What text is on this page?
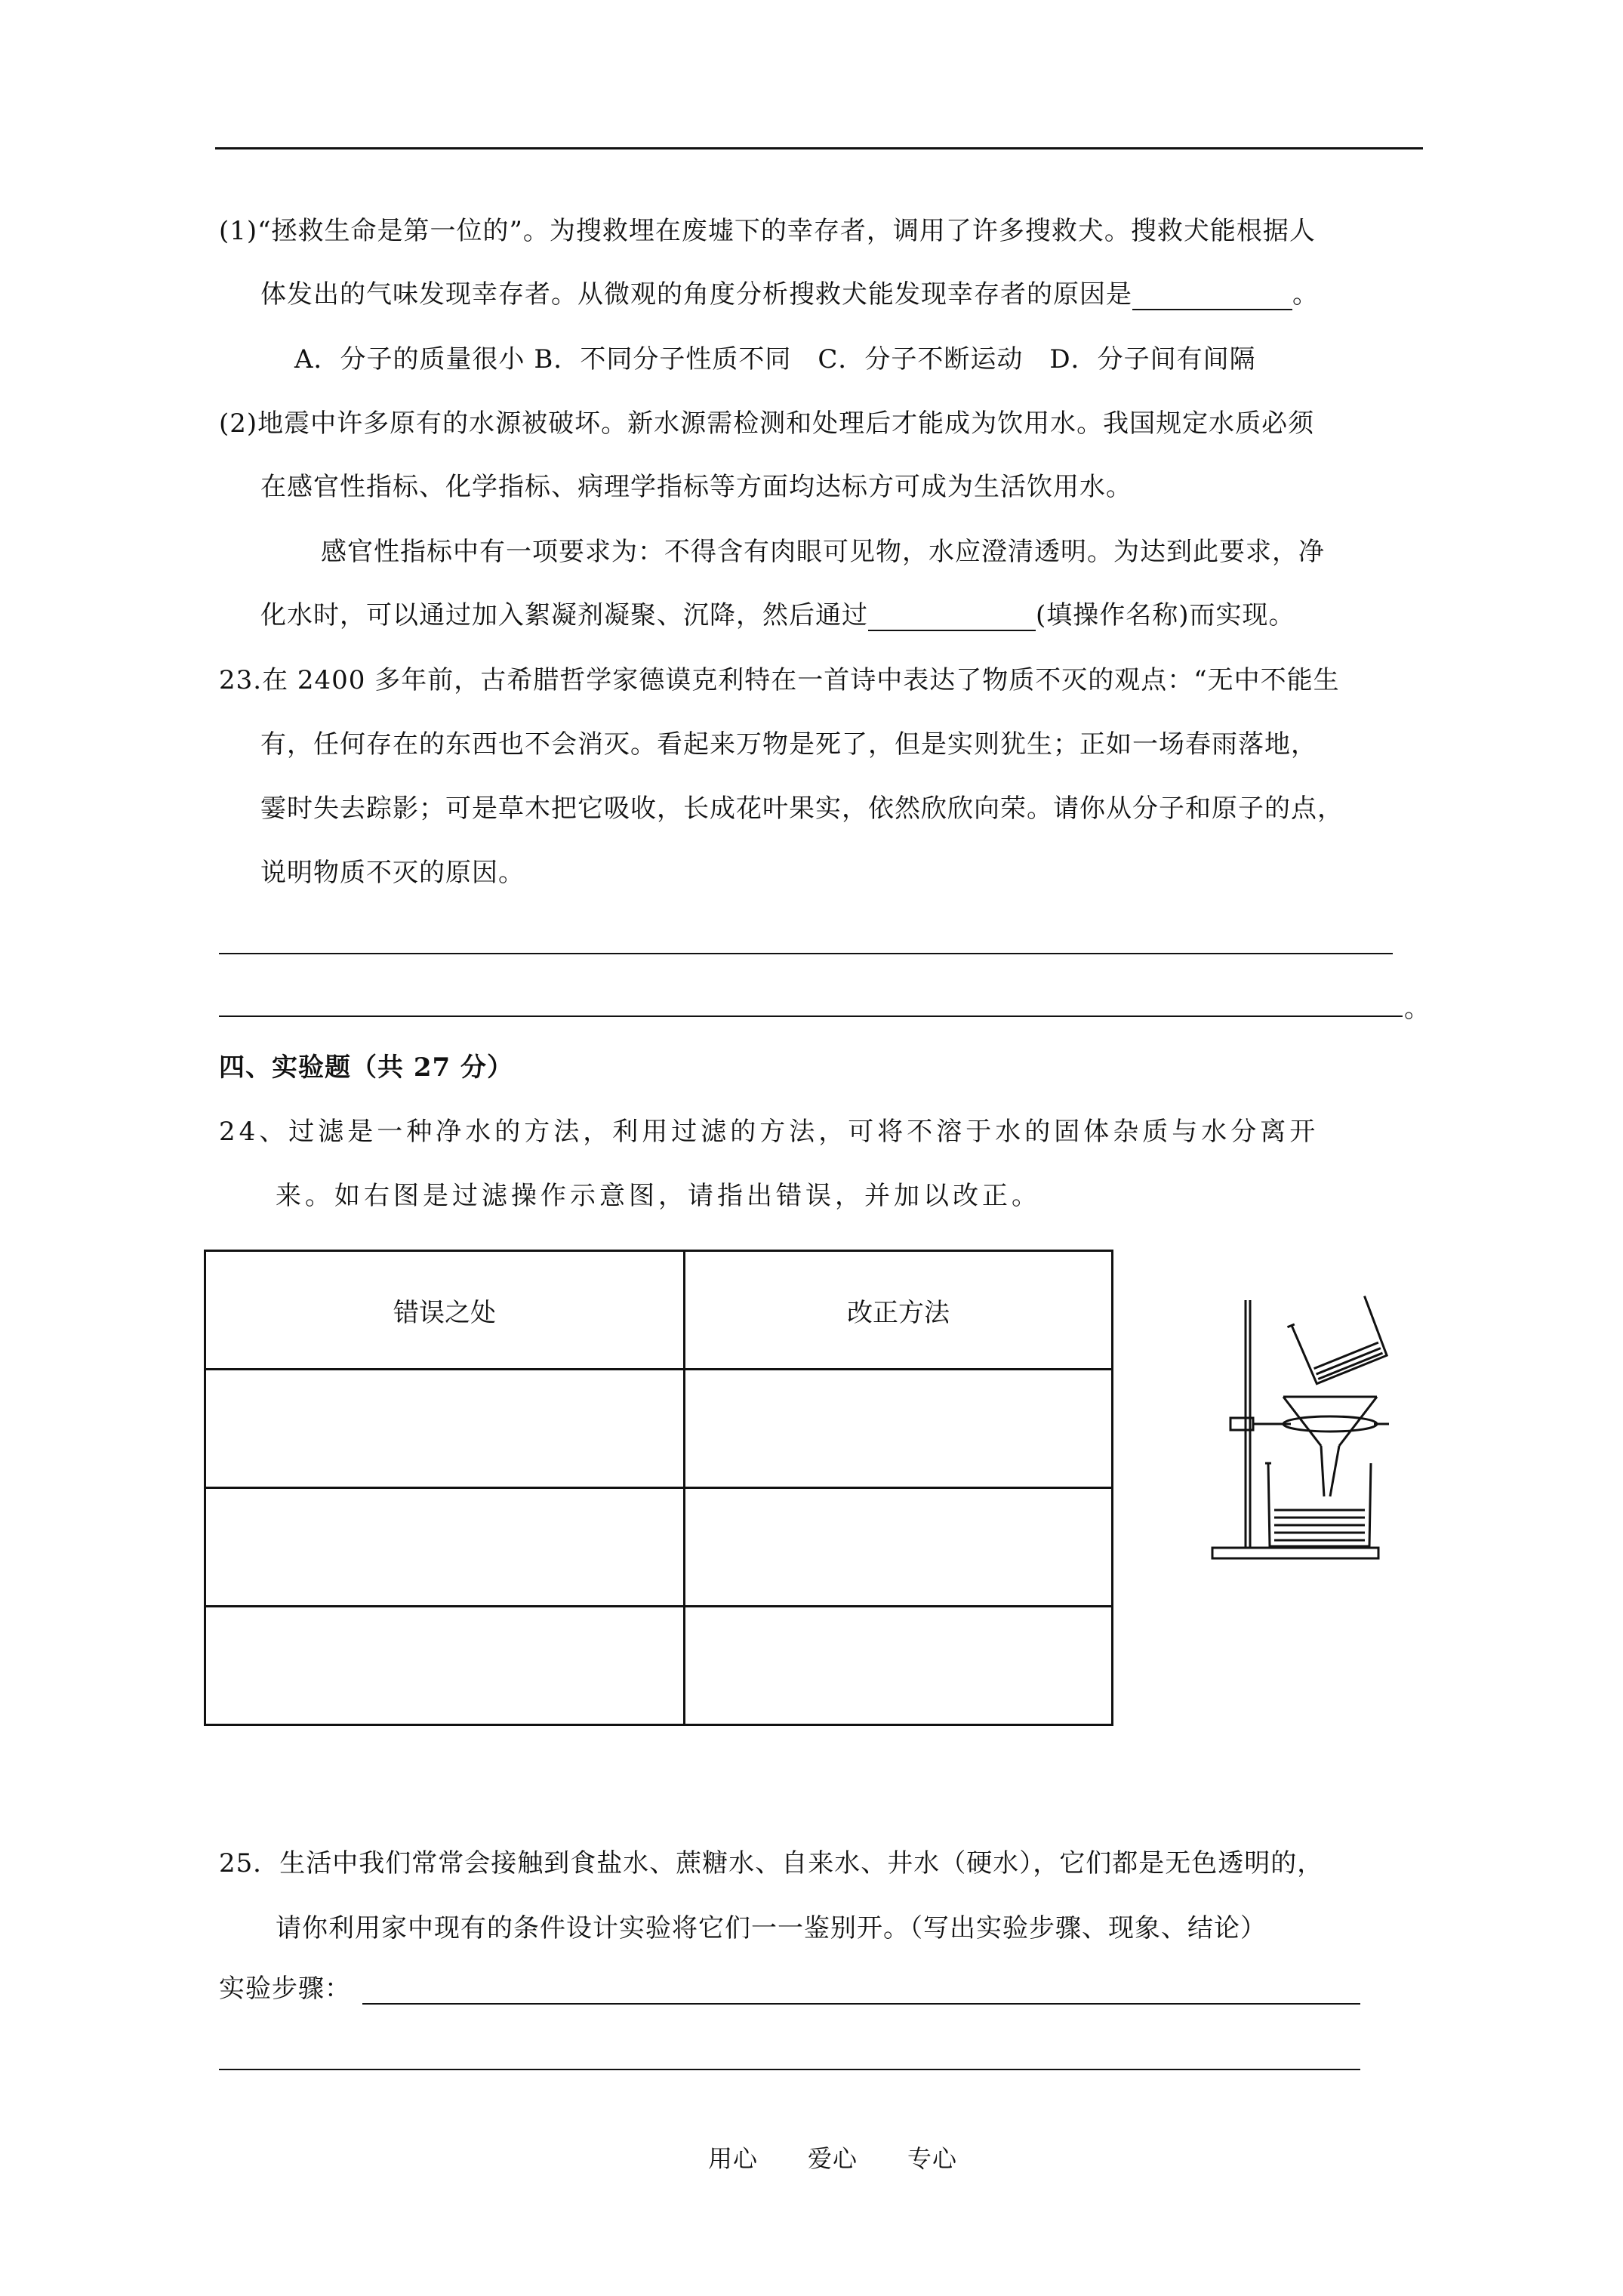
(1)“拯救生命是第一位的”。为搜救埋在废墟下的幸存者，调用了许多搜救犬。搜救犬能根据人
体发出的气味发现幸存者。从微观的角度分析搜救犬能发现幸存者的原因是	。
A．分子的质量很小 B．不同分子性质不同　C．分子不断运动　D．分子间有间隔
(2)地震中许多原有的水源被破坏。新水源需检测和处理后才能成为饮用水。我国规定水质必须
在感官性指标、化学指标、病理学指标等方面均达标方可成为生活饮用水。
感官性指标中有一项要求为：不得含有肉眼可见物，水应澄清透明。为达到此要求，净
化水时，可以通过加入絮凝剂凝聚、沉降，然后通过	(填操作名称)而实现。
23.在 2400 多年前，古希腊哲学家德谟克利特在一首诗中表达了物质不灭的观点：“无中不能生
有，任何存在的东西也不会消灭。看起来万物是死了，但是实则犹生；正如一场春雨落地，
霎时失去踪影；可是草木把它吸收，长成花叶果实，依然欣欣向荣。请你从分子和原子的点，
说明物质不灭的原因。
。
四、实验题（共 27 分）
24、过滤是一种净水的方法，利用过滤的方法，可将不溶于水的固体杂质与水分离开
来。如右图是过滤操作示意图，请指出错误，并加以改正。
错误之处	改正方法

25．生活中我们常常会接触到食盐水、蔗糖水、自来水、井水（硬水），它们都是无色透明的，
请你利用家中现有的条件设计实验将它们一一鉴别开。（写出实验步骤、现象、结论）
实验步骤：
用心　　爱心　　专心
